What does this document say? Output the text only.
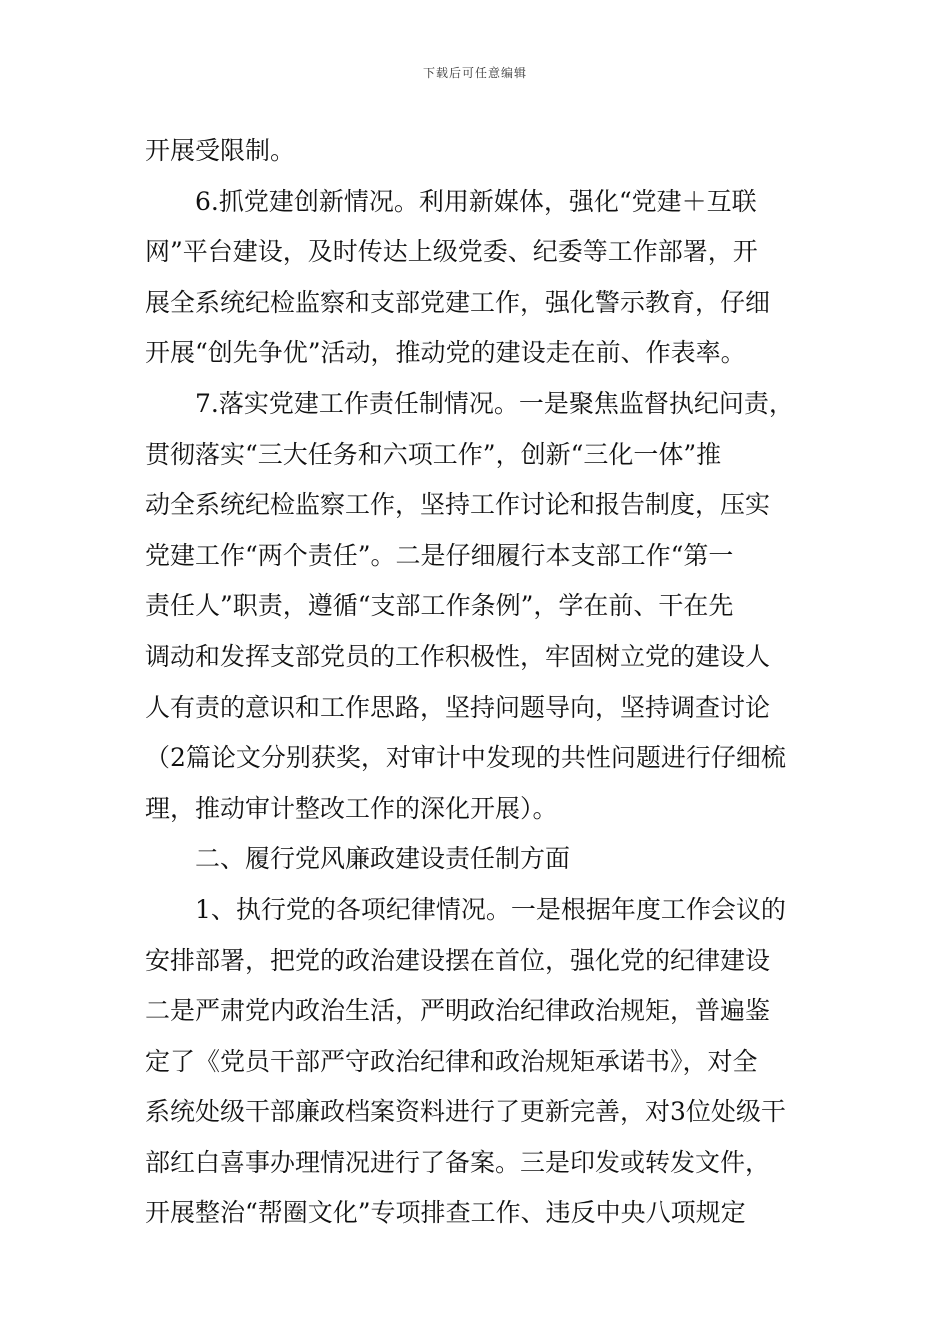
下载后可任意编辑
开展受限制。
6.抓党建创新情况。利用新媒体，强化“党建＋互联
网”平台建设，及时传达上级党委、纪委等工作部署，开
展全系统纪检监察和支部党建工作，强化警示教育，仔细
开展“创先争优”活动，推动党的建设走在前、作表率。
7.落实党建工作责任制情况。一是聚焦监督执纪问责，
贯彻落实“三大任务和六项工作”，创新“三化一体”推
动全系统纪检监察工作，坚持工作讨论和报告制度，压实
党建工作“两个责任”。二是仔细履行本支部工作“第一
责任人”职责，遵循“支部工作条例”，学在前、干在先
调动和发挥支部党员的工作积极性，牢固树立党的建设人
人有责的意识和工作思路，坚持问题导向，坚持调查讨论
（2篇论文分别获奖，对审计中发现的共性问题进行仔细梳
理，推动审计整改工作的深化开展）。
二、履行党风廉政建设责任制方面
1、执行党的各项纪律情况。一是根据年度工作会议的
安排部署，把党的政治建设摆在首位，强化党的纪律建设
二是严肃党内政治生活，严明政治纪律政治规矩，普遍鉴
定了《党员干部严守政治纪律和政治规矩承诺书》，对全
系统处级干部廉政档案资料进行了更新完善，对3位处级干
部红白喜事办理情况进行了备案。三是印发或转发文件，
开展整治“帮圈文化”专项排查工作、违反中央八项规定
